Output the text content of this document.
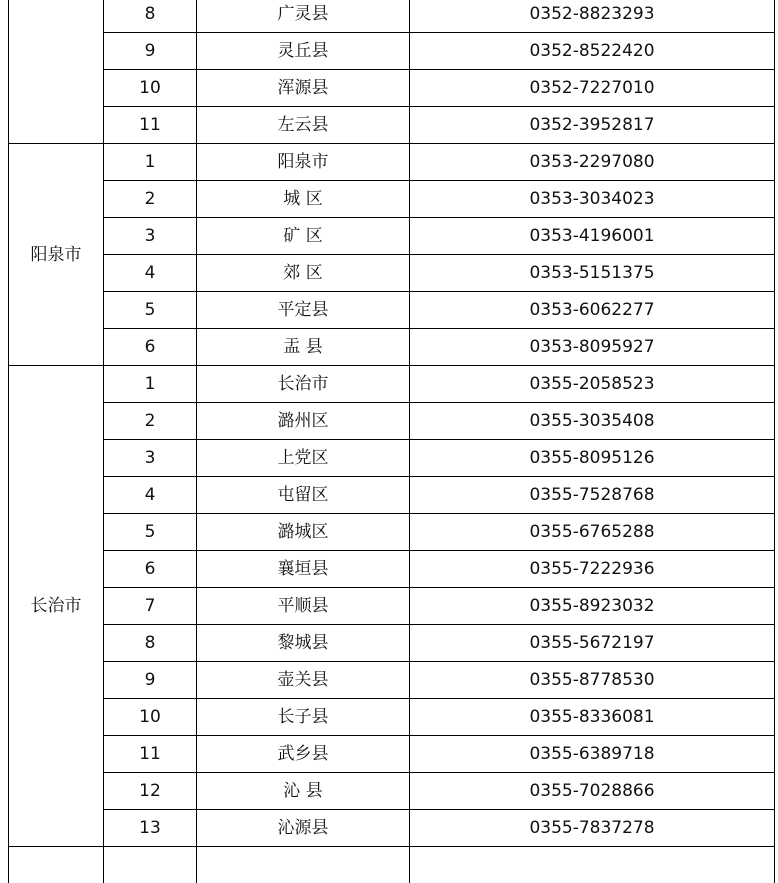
	8	广灵县	0352-8823293
	9	灵丘县	0352-8522420
	10	浑源县	0352-7227010
	11	左云县	0352-3952817
阳泉市	1	阳泉市	0353-2297080
	2	城 区	0353-3034023
	3	矿 区	0353-4196001
	4	郊 区	0353-5151375
	5	平定县	0353-6062277
	6	盂 县	0353-8095927
长治市	1	长治市	0355-2058523
	2	潞州区	0355-3035408
	3	上党区	0355-8095126
	4	屯留区	0355-7528768
	5	潞城区	0355-6765288
	6	襄垣县	0355-7222936
	7	平顺县	0355-8923032
	8	黎城县	0355-5672197
	9	壶关县	0355-8778530
	10	长子县	0355-8336081
	11	武乡县	0355-6389718
	12	沁 县	0355-7028866
	13	沁源县	0355-7837278
